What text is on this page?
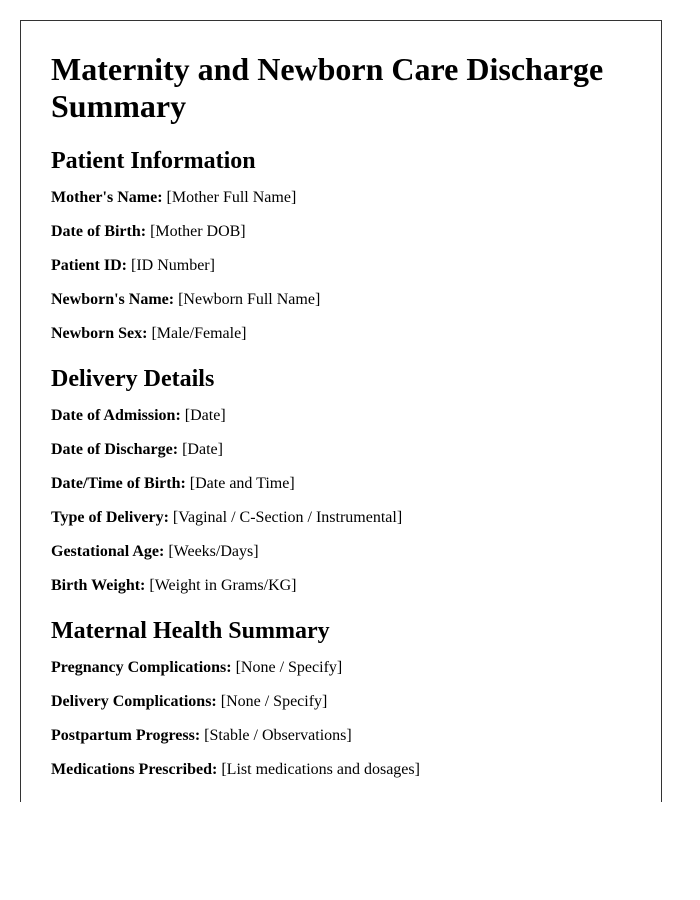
Maternity and Newborn Care Discharge Summary
Patient Information

Mother's Name: [Mother Full Name]

Date of Birth: [Mother DOB]

Patient ID: [ID Number]

Newborn's Name: [Newborn Full Name]

Newborn Sex: [Male/Female]

Delivery Details

Date of Admission: [Date]

Date of Discharge: [Date]

Date/Time of Birth: [Date and Time]

Type of Delivery: [Vaginal / C-Section / Instrumental]

Gestational Age: [Weeks/Days]

Birth Weight: [Weight in Grams/KG]

Maternal Health Summary

Pregnancy Complications: [None / Specify]

Delivery Complications: [None / Specify]

Postpartum Progress: [Stable / Observations]

Medications Prescribed: [List medications and dosages]
